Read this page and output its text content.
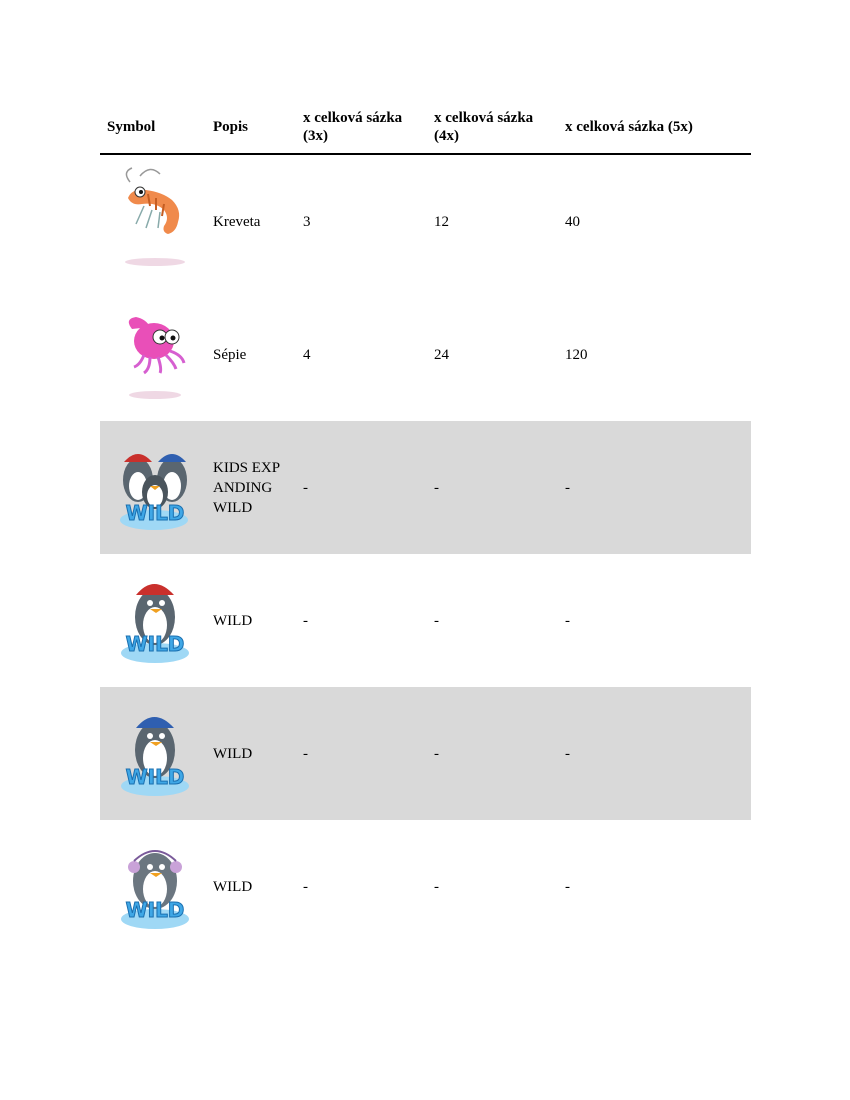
Symbol	Popis	x celková sázka (3x)	x celková sázka (4x)	x celková sázka (5x)

	Kreveta	3	12	40

	Sépie	4	24	120

WILD	KIDS EXPANDING WILD	-	-	-

WILD	WILD	-	-	-

WILD	WILD	-	-	-

WILD	WILD	-	-	-
